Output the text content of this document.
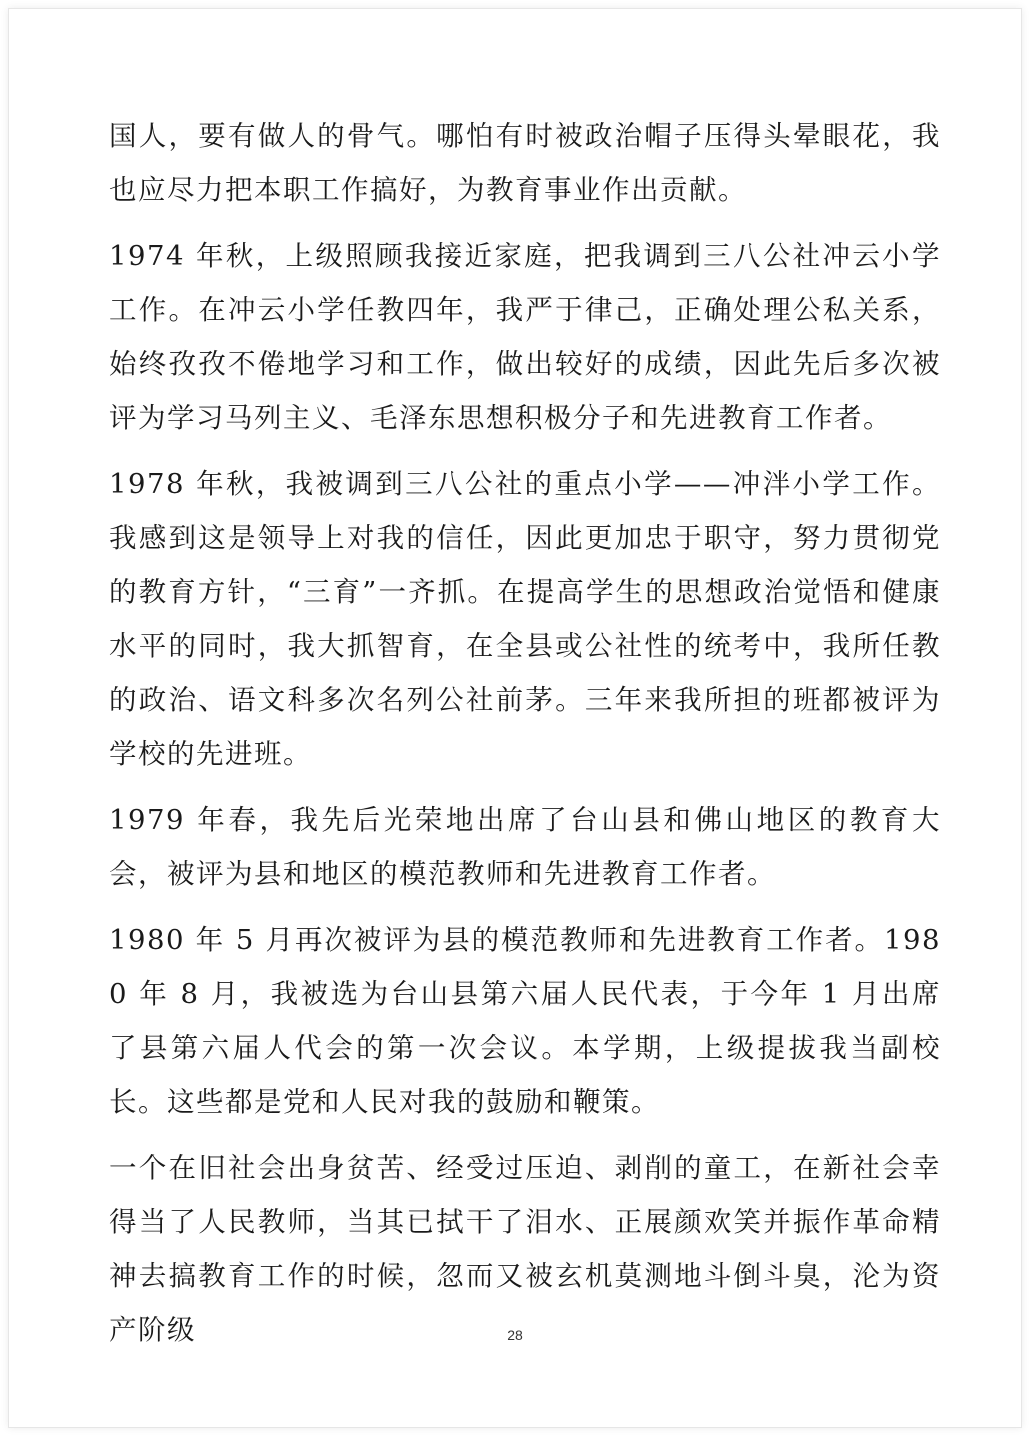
国人，要有做人的骨气。哪怕有时被政治帽子压得头晕眼花，我也应尽力把本职工作搞好，为教育事业作出贡献。

1974 年秋，上级照顾我接近家庭，把我调到三八公社冲云小学工作。在冲云小学任教四年，我严于律己，正确处理公私关系，始终孜孜不倦地学习和工作，做出较好的成绩，因此先后多次被评为学习马列主义、毛泽东思想积极分子和先进教育工作者。

1978 年秋，我被调到三八公社的重点小学——冲泮小学工作。我感到这是领导上对我的信任，因此更加忠于职守，努力贯彻党的教育方针，“三育”一齐抓。在提高学生的思想政治觉悟和健康水平的同时，我大抓智育，在全县或公社性的统考中，我所任教的政治、语文科多次名列公社前茅。三年来我所担的班都被评为学校的先进班。

1979 年春，我先后光荣地出席了台山县和佛山地区的教育大会，被评为县和地区的模范教师和先进教育工作者。

1980 年 5 月再次被评为县的模范教师和先进教育工作者。1980 年 8 月，我被选为台山县第六届人民代表，于今年 1 月出席了县第六届人代会的第一次会议。本学期，上级提拔我当副校长。这些都是党和人民对我的鼓励和鞭策。

一个在旧社会出身贫苦、经受过压迫、剥削的童工，在新社会幸得当了人民教师，当其已拭干了泪水、正展颜欢笑并振作革命精神去搞教育工作的时候，忽而又被玄机莫测地斗倒斗臭，沦为资产阶级	28
